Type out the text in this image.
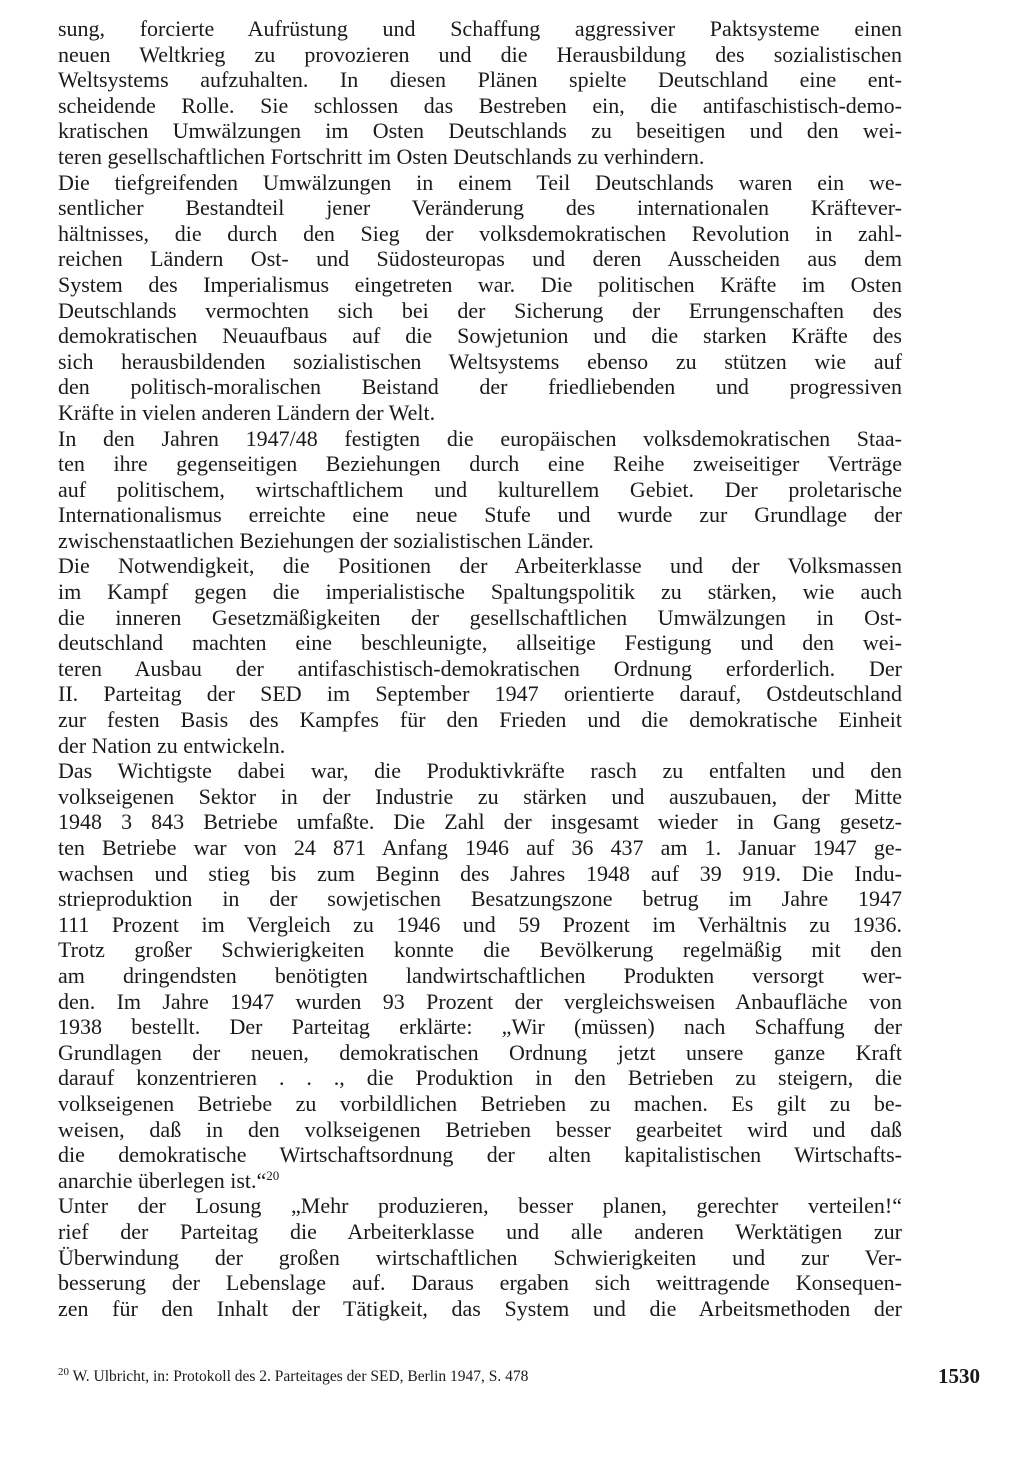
sung, forcierte Aufrüstung und Schaffung aggressiver Paktsysteme einen
neuen Weltkrieg zu provozieren und die Herausbildung des sozialistischen
Weltsystems aufzuhalten. In diesen Plänen spielte Deutschland eine ent-
scheidende Rolle. Sie schlossen das Bestreben ein, die antifaschistisch-demo-
kratischen Umwälzungen im Osten Deutschlands zu beseitigen und den wei-
teren gesellschaftlichen Fortschritt im Osten Deutschlands zu verhindern.
Die tiefgreifenden Umwälzungen in einem Teil Deutschlands waren ein we-
sentlicher Bestandteil jener Veränderung des internationalen Kräftever-
hältnisses, die durch den Sieg der volksdemokratischen Revolution in zahl-
reichen Ländern Ost- und Südosteuropas und deren Ausscheiden aus dem
System des Imperialismus eingetreten war. Die politischen Kräfte im Osten
Deutschlands vermochten sich bei der Sicherung der Errungenschaften des
demokratischen Neuaufbaus auf die Sowjetunion und die starken Kräfte des
sich herausbildenden sozialistischen Weltsystems ebenso zu stützen wie auf
den politisch-moralischen Beistand der friedliebenden und progressiven
Kräfte in vielen anderen Ländern der Welt.
In den Jahren 1947/48 festigten die europäischen volksdemokratischen Staa-
ten ihre gegenseitigen Beziehungen durch eine Reihe zweiseitiger Verträge
auf politischem, wirtschaftlichem und kulturellem Gebiet. Der proletarische
Internationalismus erreichte eine neue Stufe und wurde zur Grundlage der
zwischenstaatlichen Beziehungen der sozialistischen Länder.
Die Notwendigkeit, die Positionen der Arbeiterklasse und der Volksmassen
im Kampf gegen die imperialistische Spaltungspolitik zu stärken, wie auch
die inneren Gesetzmäßigkeiten der gesellschaftlichen Umwälzungen in Ost-
deutschland machten eine beschleunigte, allseitige Festigung und den wei-
teren Ausbau der antifaschistisch-demokratischen Ordnung erforderlich. Der
II. Parteitag der SED im September 1947 orientierte darauf, Ostdeutschland
zur festen Basis des Kampfes für den Frieden und die demokratische Einheit
der Nation zu entwickeln.
Das Wichtigste dabei war, die Produktivkräfte rasch zu entfalten und den
volkseigenen Sektor in der Industrie zu stärken und auszubauen, der Mitte
1948 3 843 Betriebe umfaßte. Die Zahl der insgesamt wieder in Gang gesetz-
ten Betriebe war von 24 871 Anfang 1946 auf 36 437 am 1. Januar 1947 ge-
wachsen und stieg bis zum Beginn des Jahres 1948 auf 39 919. Die Indu-
strieproduktion in der sowjetischen Besatzungszone betrug im Jahre 1947
111 Prozent im Vergleich zu 1946 und 59 Prozent im Verhältnis zu 1936.
Trotz großer Schwierigkeiten konnte die Bevölkerung regelmäßig mit den
am dringendsten benötigten landwirtschaftlichen Produkten versorgt wer-
den. Im Jahre 1947 wurden 93 Prozent der vergleichsweisen Anbaufläche von
1938 bestellt. Der Parteitag erklärte: „Wir (müssen) nach Schaffung der
Grundlagen der neuen, demokratischen Ordnung jetzt unsere ganze Kraft
darauf konzentrieren . . ., die Produktion in den Betrieben zu steigern, die
volkseigenen Betriebe zu vorbildlichen Betrieben zu machen. Es gilt zu be-
weisen, daß in den volkseigenen Betrieben besser gearbeitet wird und daß
die demokratische Wirtschaftsordnung der alten kapitalistischen Wirtschafts-
anarchie überlegen ist.“$^{20}$
Unter der Losung „Mehr produzieren, besser planen, gerechter verteilen!“
rief der Parteitag die Arbeiterklasse und alle anderen Werktätigen zur
Überwindung der großen wirtschaftlichen Schwierigkeiten und zur Ver-
besserung der Lebenslage auf. Daraus ergaben sich weittragende Konsequen-
zen für den Inhalt der Tätigkeit, das System und die Arbeitsmethoden der
$^{20}$ W. Ulbricht, in: Protokoll des 2. Parteitages der SED, Berlin 1947, S. 478	1530
